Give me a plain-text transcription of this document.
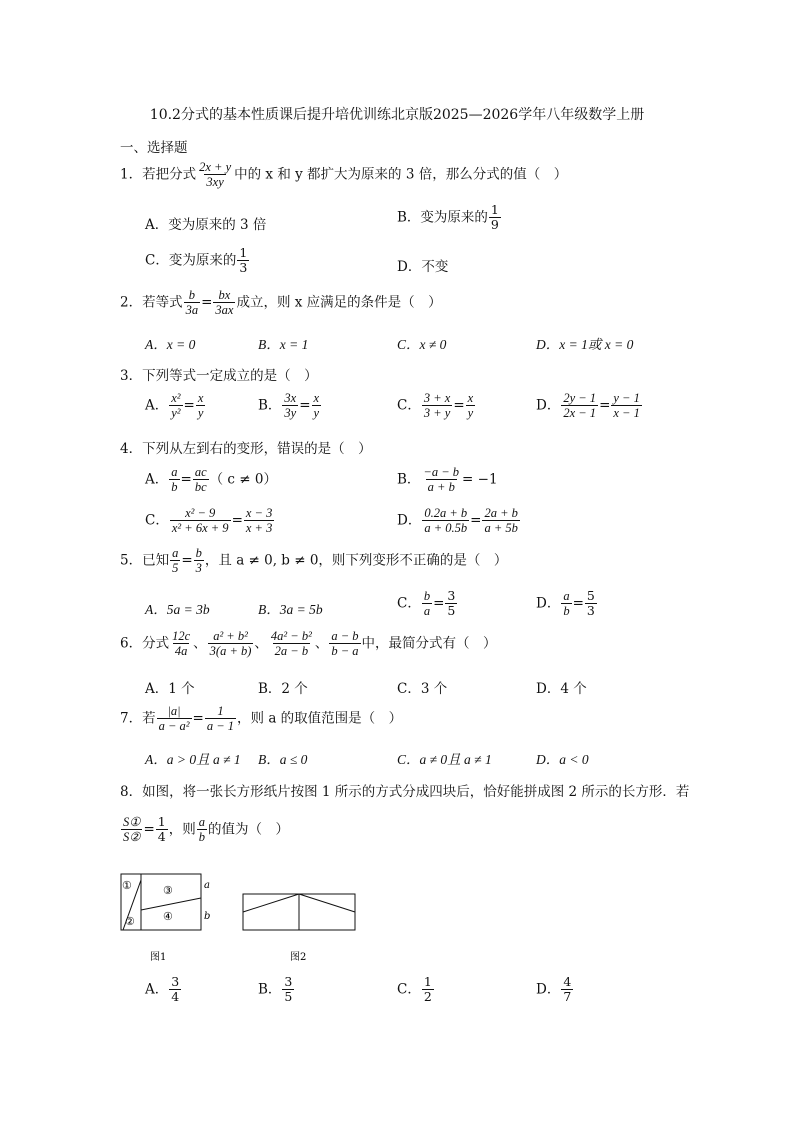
10.2分式的基本性质课后提升培优训练北京版2025—2026学年八年级数学上册
一、选择题
1．若把分式 $\frac{2x + y}{3xy}$ 中的 x 和 y 都扩大为原来的 3 倍，那么分式的值（　）
A．变为原来的 3 倍	B．变为原来的 $\frac{1}{9}$
C．变为原来的 $\frac{1}{3}$	D．不变
2．若等式 $\frac{b}{3a} = \frac{bx}{3ax}$ 成立，则 x 应满足的条件是（　）
A．x = 0	B．x = 1	C．x ≠ 0	D．x = 1或 x = 0
3．下列等式一定成立的是（　）
A． $\frac{\text{x²}}{\text{y²}} = \frac{x}{y}$	B． $\frac{3x}{3y} = \frac{x}{y}$	C． $\frac{3 + x}{3 + y} = \frac{x}{y}$	D． $\frac{2y - 1}{2x - 1} = \frac{y - 1}{x - 1}$
4．下列从左到右的变形，错误的是（　）
A． $\frac{a}{b} = \frac{ac}{bc}$ （ c ≠ 0）	B． $\frac{-a - b}{a + b} = -1$
C． $\frac{\text{x² − 9}}{\text{x² + 6x + 9}} = \frac{x - 3}{x + 3}$	D． $\frac{0.2a + b}{a + 0.5b} = \frac{2a + b}{a + 5b}$
5．已知 $\frac{a}{5} = \frac{b}{3}$ ，且 a ≠ 0, b ≠ 0，则下列变形不正确的是（　）
A．5a = 3b	B．3a = 5b	C． $\frac{b}{a} = \frac{3}{5}$	D． $\frac{a}{b} = \frac{5}{3}$
6．分式 $\frac{12c}{4a}$ 、 $\frac{\text{a² + b²}}{3(a + b)}$ 、 $\frac{\text{4a² − b²}}{2a - b}$ 、 $\frac{a - b}{b - a}$ 中，最简分式有（　）
A．1 个	B．2 个	C．3 个	D．4 个
7．若 $\frac{|a|}{\text{a − a²}} = \frac{1}{a - 1}$ ，则 a 的取值范围是（　）
A．a > 0且 a ≠ 1 B．a ≤ 0	C．a ≠ 0且 a ≠ 1	D．a < 0
8．如图，将一张长方形纸片按图 1 所示的方式分成四块后，恰好能拼成图 2 所示的长方形．若
$\frac{\text{S①}}{\text{S②}} = \frac{1}{4}$ ，则 $\frac{a}{b}$ 的值为（　）
①
②
③
④
a
b
图1	图2
A． $\frac{3}{4}$	B． $\frac{3}{5}$	C． $\frac{1}{2}$	D． $\frac{4}{7}$
